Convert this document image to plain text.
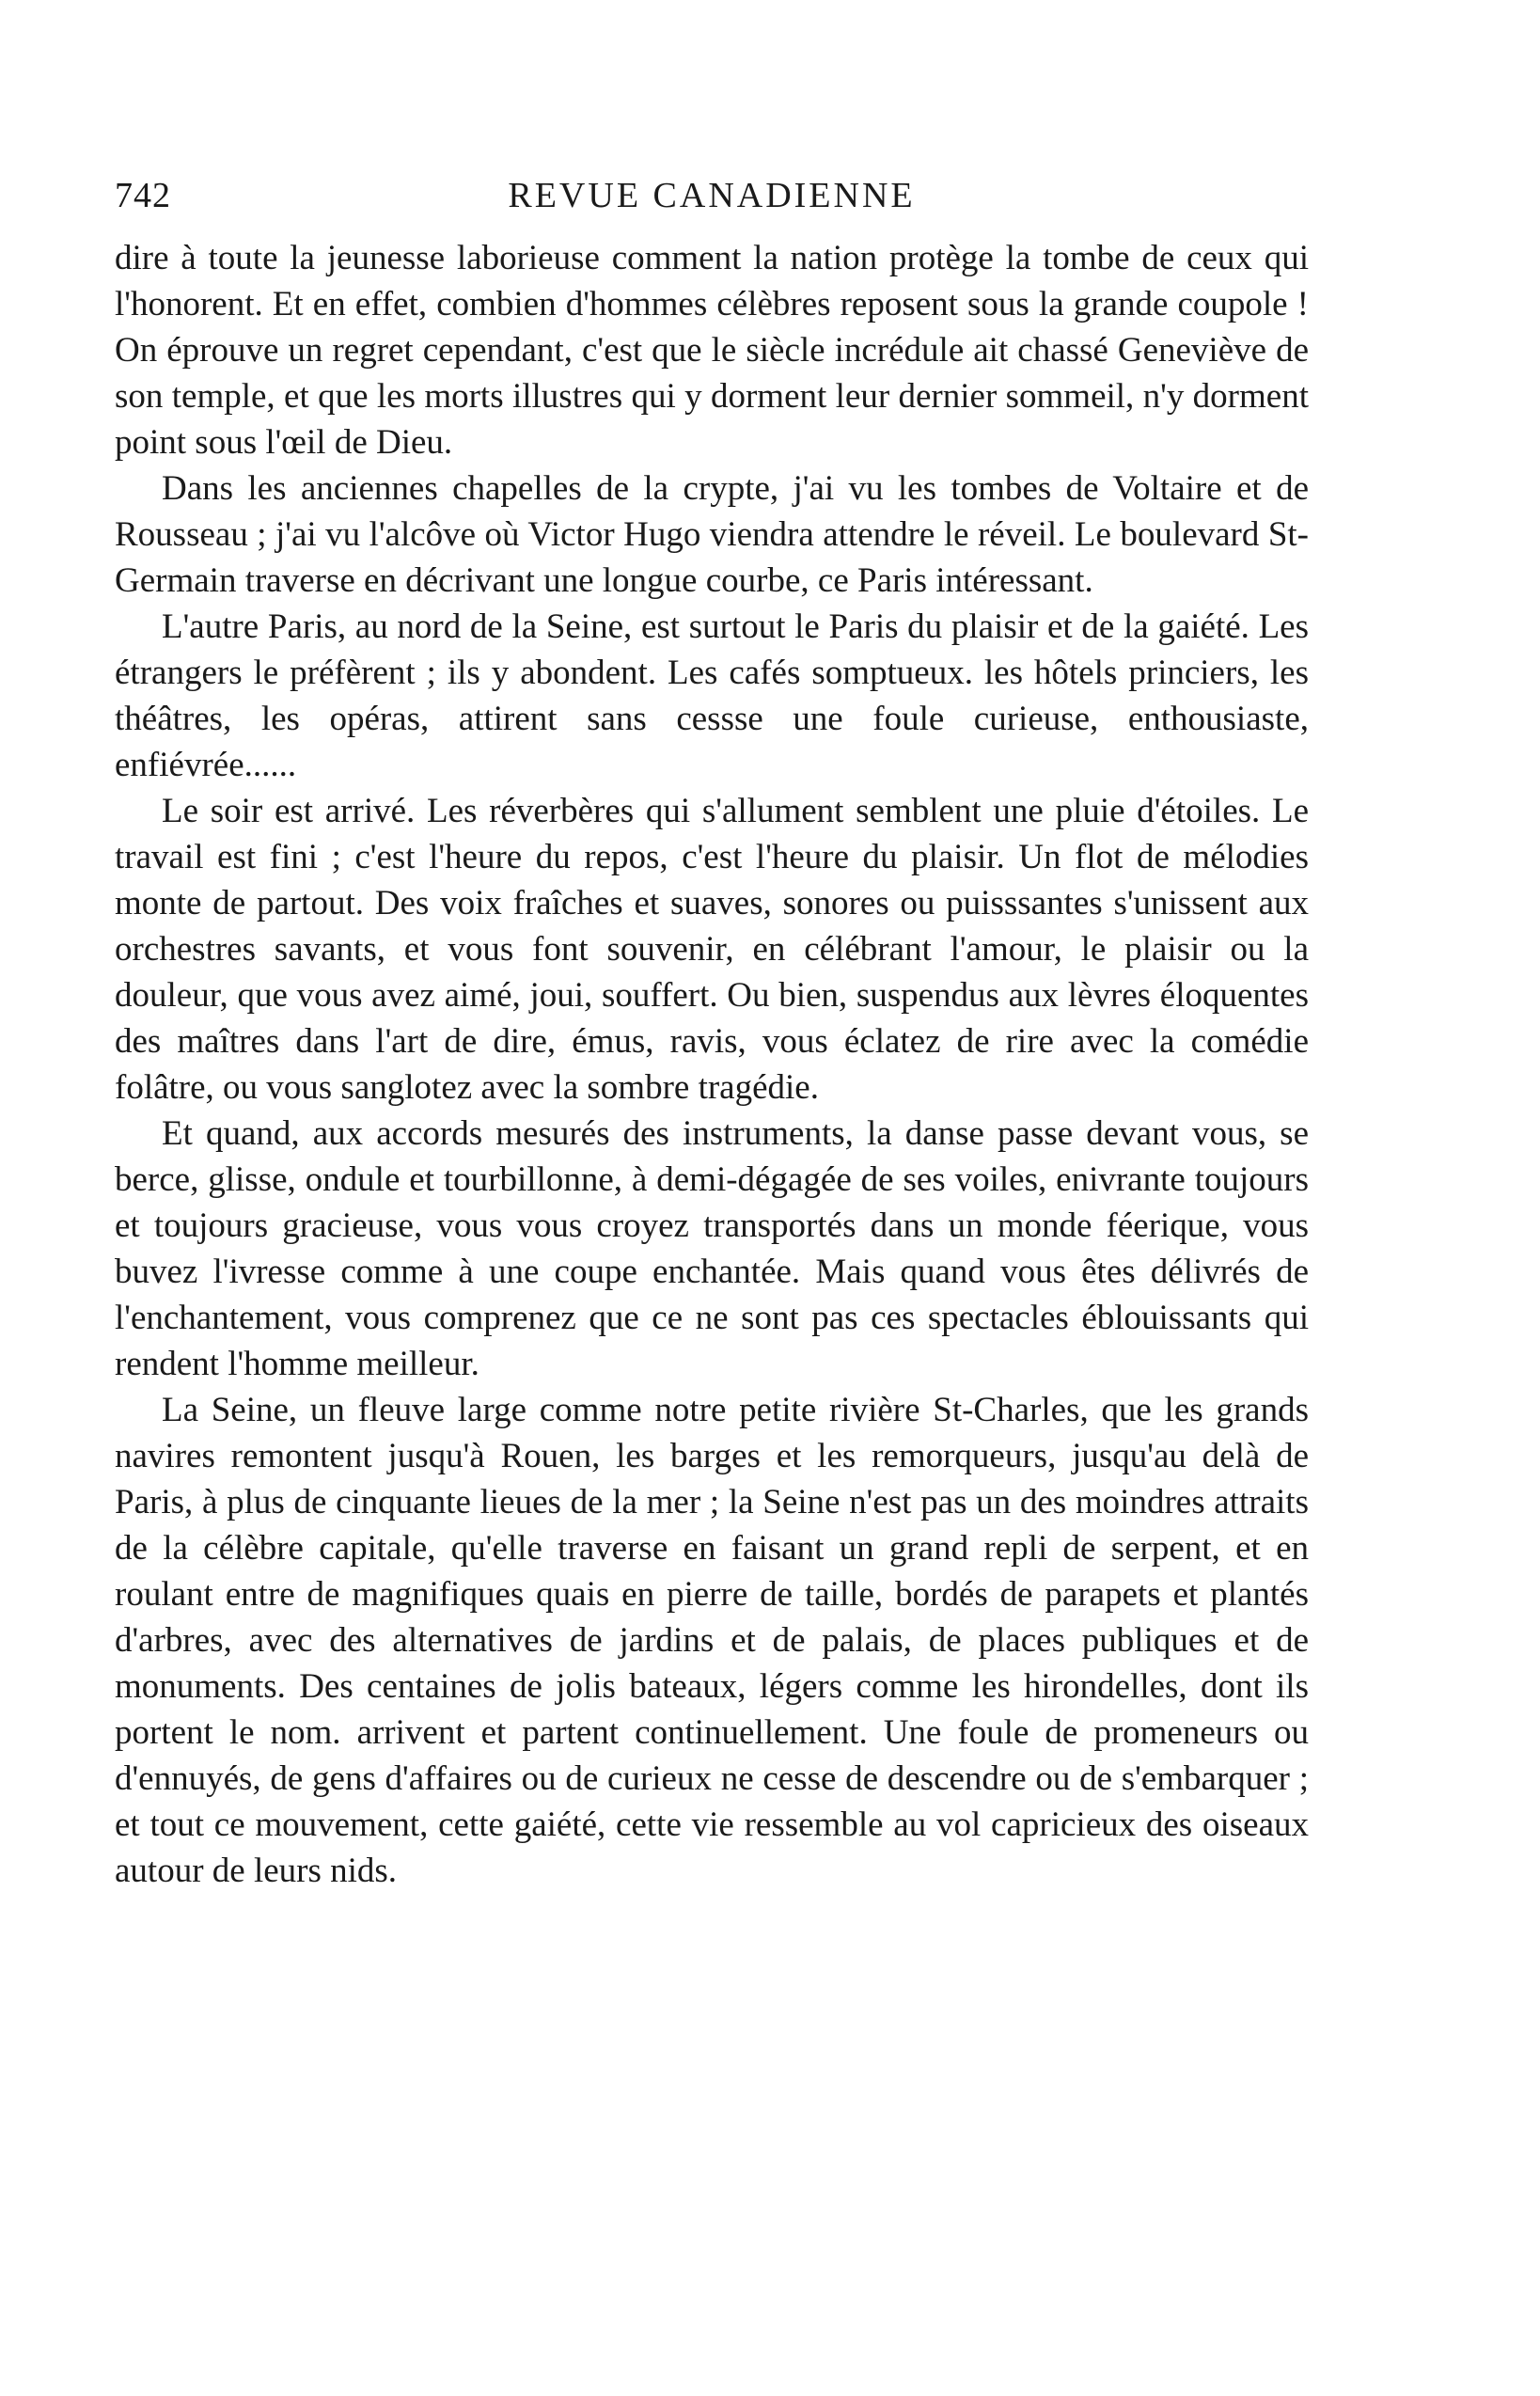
742	REVUE CANADIENNE

dire à toute la jeunesse laborieuse comment la nation protège la tombe de ceux qui l'honorent. Et en effet, combien d'hommes célèbres reposent sous la grande coupole ! On éprouve un regret cependant, c'est que le siècle incrédule ait chassé Geneviève de son temple, et que les morts illustres qui y dorment leur dernier sommeil, n'y dorment point sous l'œil de Dieu.

Dans les anciennes chapelles de la crypte, j'ai vu les tombes de Voltaire et de Rousseau ; j'ai vu l'alcôve où Victor Hugo viendra attendre le réveil. Le boulevard St-Germain traverse en décrivant une longue courbe, ce Paris intéressant.

L'autre Paris, au nord de la Seine, est surtout le Paris du plaisir et de la gaiété. Les étrangers le préfèrent ; ils y abondent. Les cafés somptueux. les hôtels princiers, les théâtres, les opéras, attirent sans cessse une foule curieuse, enthousiaste, enfiévrée......

Le soir est arrivé. Les réverbères qui s'allument semblent une pluie d'étoiles. Le travail est fini ; c'est l'heure du repos, c'est l'heure du plaisir. Un flot de mélodies monte de partout. Des voix fraîches et suaves, sonores ou puisssantes s'unissent aux orchestres savants, et vous font souvenir, en célébrant l'amour, le plaisir ou la douleur, que vous avez aimé, joui, souffert. Ou bien, suspendus aux lèvres éloquentes des maîtres dans l'art de dire, émus, ravis, vous éclatez de rire avec la comédie folâtre, ou vous sanglotez avec la sombre tragédie.

Et quand, aux accords mesurés des instruments, la danse passe devant vous, se berce, glisse, ondule et tourbillonne, à demi-dégagée de ses voiles, enivrante toujours et toujours gracieuse, vous vous croyez transportés dans un monde féerique, vous buvez l'ivresse comme à une coupe enchantée. Mais quand vous êtes délivrés de l'enchantement, vous comprenez que ce ne sont pas ces spectacles éblouissants qui rendent l'homme meilleur.

La Seine, un fleuve large comme notre petite rivière St-Charles, que les grands navires remontent jusqu'à Rouen, les barges et les remorqueurs, jusqu'au delà de Paris, à plus de cinquante lieues de la mer ; la Seine n'est pas un des moindres attraits de la célèbre capitale, qu'elle traverse en faisant un grand repli de serpent, et en roulant entre de magnifiques quais en pierre de taille, bordés de parapets et plantés d'arbres, avec des alternatives de jardins et de palais, de places publiques et de monuments. Des centaines de jolis bateaux, légers comme les hirondelles, dont ils portent le nom. arrivent et partent continuellement. Une foule de promeneurs ou d'ennuyés, de gens d'affaires ou de curieux ne cesse de descendre ou de s'embarquer ; et tout ce mouvement, cette gaiété, cette vie ressemble au vol capricieux des oiseaux autour de leurs nids.
